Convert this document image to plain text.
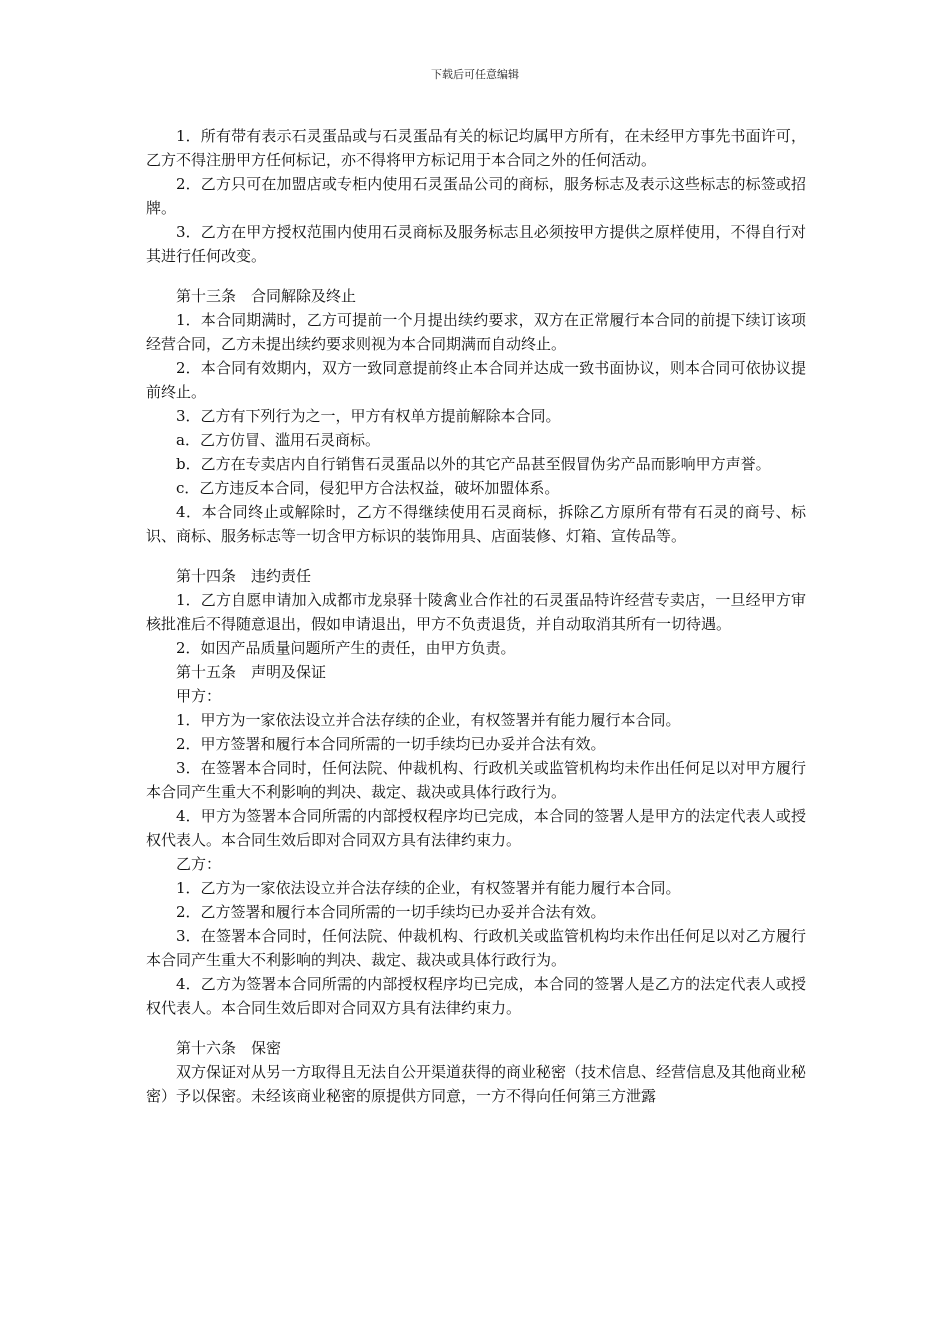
下载后可任意编辑

1．所有带有表示石灵蛋品或与石灵蛋品有关的标记均属甲方所有，在未经甲方事先书面许可，乙方不得注册甲方任何标记，亦不得将甲方标记用于本合同之外的任何活动。

2．乙方只可在加盟店或专柜内使用石灵蛋品公司的商标，服务标志及表示这些标志的标签或招牌。

3．乙方在甲方授权范围内使用石灵商标及服务标志且必须按甲方提供之原样使用，不得自行对其进行任何改变。

第十三条　合同解除及终止

1．本合同期满时，乙方可提前一个月提出续约要求，双方在正常履行本合同的前提下续订该项经营合同，乙方未提出续约要求则视为本合同期满而自动终止。

2．本合同有效期内，双方一致同意提前终止本合同并达成一致书面协议，则本合同可依协议提前终止。

3．乙方有下列行为之一，甲方有权单方提前解除本合同。

a．乙方仿冒、滥用石灵商标。

b．乙方在专卖店内自行销售石灵蛋品以外的其它产品甚至假冒伪劣产品而影响甲方声誉。

c．乙方违反本合同，侵犯甲方合法权益，破坏加盟体系。

4．本合同终止或解除时，乙方不得继续使用石灵商标，拆除乙方原所有带有石灵的商号、标识、商标、服务标志等一切含甲方标识的装饰用具、店面装修、灯箱、宣传品等。

第十四条　违约责任

1．乙方自愿申请加入成都市龙泉驿十陵禽业合作社的石灵蛋品特许经营专卖店，一旦经甲方审核批准后不得随意退出，假如申请退出，甲方不负责退货，并自动取消其所有一切待遇。

2．如因产品质量问题所产生的责任，由甲方负责。

第十五条　声明及保证

甲方：

1．甲方为一家依法设立并合法存续的企业，有权签署并有能力履行本合同。

2．甲方签署和履行本合同所需的一切手续均已办妥并合法有效。

3．在签署本合同时，任何法院、仲裁机构、行政机关或监管机构均未作出任何足以对甲方履行本合同产生重大不利影响的判决、裁定、裁决或具体行政行为。

4．甲方为签署本合同所需的内部授权程序均已完成，本合同的签署人是甲方的法定代表人或授权代表人。本合同生效后即对合同双方具有法律约束力。

乙方：

1．乙方为一家依法设立并合法存续的企业，有权签署并有能力履行本合同。

2．乙方签署和履行本合同所需的一切手续均已办妥并合法有效。

3．在签署本合同时，任何法院、仲裁机构、行政机关或监管机构均未作出任何足以对乙方履行本合同产生重大不利影响的判决、裁定、裁决或具体行政行为。

4．乙方为签署本合同所需的内部授权程序均已完成，本合同的签署人是乙方的法定代表人或授权代表人。本合同生效后即对合同双方具有法律约束力。

第十六条　保密

双方保证对从另一方取得且无法自公开渠道获得的商业秘密（技术信息、经营信息及其他商业秘密）予以保密。未经该商业秘密的原提供方同意，一方不得向任何第三方泄露
